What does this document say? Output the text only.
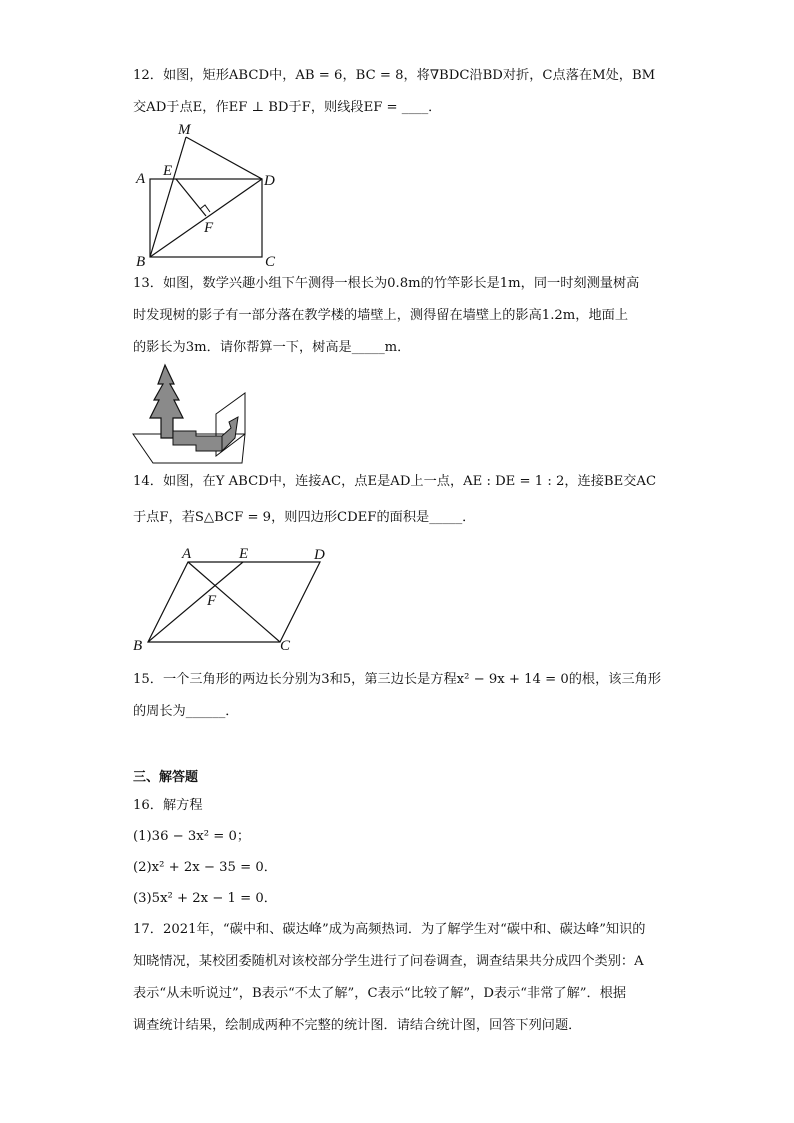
12．如图，矩形ABCD中，AB = 6，BC = 8，将∇BDC沿BD对折，C点落在M处，BM
交AD于点E，作EF ⊥ BD于F，则线段EF = ____．
M
E
A	D
F
B	C
13．如图，数学兴趣小组下午测得一根长为0.8m的竹竿影长是1m，同一时刻测量树高
时发现树的影子有一部分落在教学楼的墙壁上，测得留在墙壁上的影高1.2m，地面上
的影长为3m．请你帮算一下，树高是_____m．
14．如图，在Y ABCD中，连接AC，点E是AD上一点，AE : DE = 1 : 2，连接BE交AC
于点F，若S△BCF = 9，则四边形CDEF的面积是_____．
A	E	D
F
B	C
15．一个三角形的两边长分别为3和5，第三边长是方程x² − 9x + 14 = 0的根，该三角形
的周长为______．
三、解答题
16．解方程
(1)36 − 3x² = 0；
(2)x² + 2x − 35 = 0．
(3)5x² + 2x − 1 = 0．
17．2021年，“碳中和、碳达峰”成为高频热词．为了解学生对“碳中和、碳达峰”知识的
知晓情况，某校团委随机对该校部分学生进行了问卷调查，调查结果共分成四个类别：A
表示“从未听说过”，B表示“不太了解”，C表示“比较了解”，D表示“非常了解”．根据
调查统计结果，绘制成两种不完整的统计图．请结合统计图，回答下列问题．
